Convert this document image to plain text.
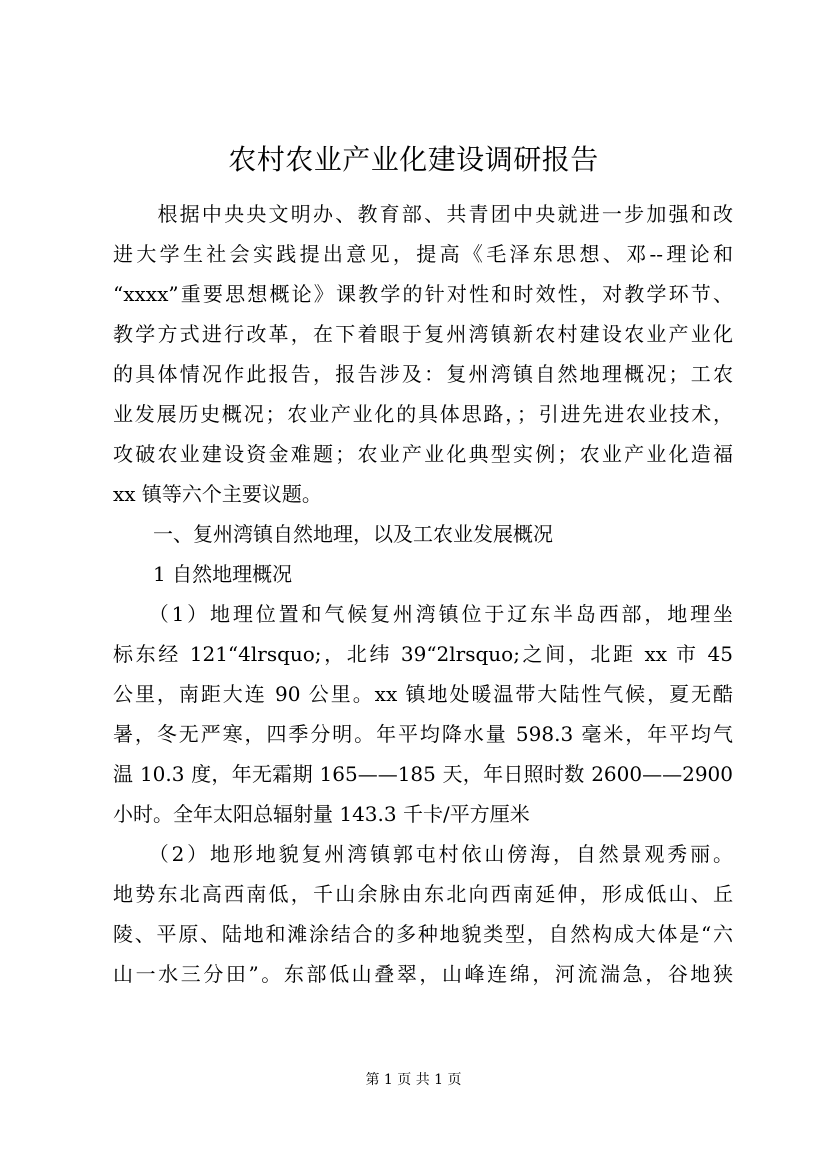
农村农业产业化建设调研报告
　　根据中央央文明办、教育部、共青团中央就进一步加强和改
进大学生社会实践提出意见，提高《毛泽东思想、邓--理论和
“xxxx”重要思想概论》课教学的针对性和时效性，对教学环节、
教学方式进行改革，在下着眼于复州湾镇新农村建设农业产业化
的具体情况作此报告，报告涉及：复州湾镇自然地理概况；工农
业发展历史概况；农业产业化的具体思路，；引进先进农业技术，
攻破农业建设资金难题；农业产业化典型实例；农业产业化造福
xx 镇等六个主要议题。
　　一、复州湾镇自然地理，以及工农业发展概况
　　1 自然地理概况
　　（1）地理位置和气候复州湾镇位于辽东半岛西部，地理坐
标东经 121“4lrsquo;，北纬 39“2lrsquo;之间，北距 xx 市 45
公里，南距大连 90 公里。xx 镇地处暖温带大陆性气候，夏无酷
暑，冬无严寒，四季分明。年平均降水量 598.3 毫米，年平均气
温 10.3 度，年无霜期 165——185 天，年日照时数 2600——2900
小时。全年太阳总辐射量 143.3 千卡/平方厘米
　　（2）地形地貌复州湾镇郭屯村依山傍海，自然景观秀丽。
地势东北高西南低，千山余脉由东北向西南延伸，形成低山、丘
陵、平原、陆地和滩涂结合的多种地貌类型，自然构成大体是“六
山一水三分田”。东部低山叠翠，山峰连绵，河流湍急，谷地狭
第 1 页 共 1 页
